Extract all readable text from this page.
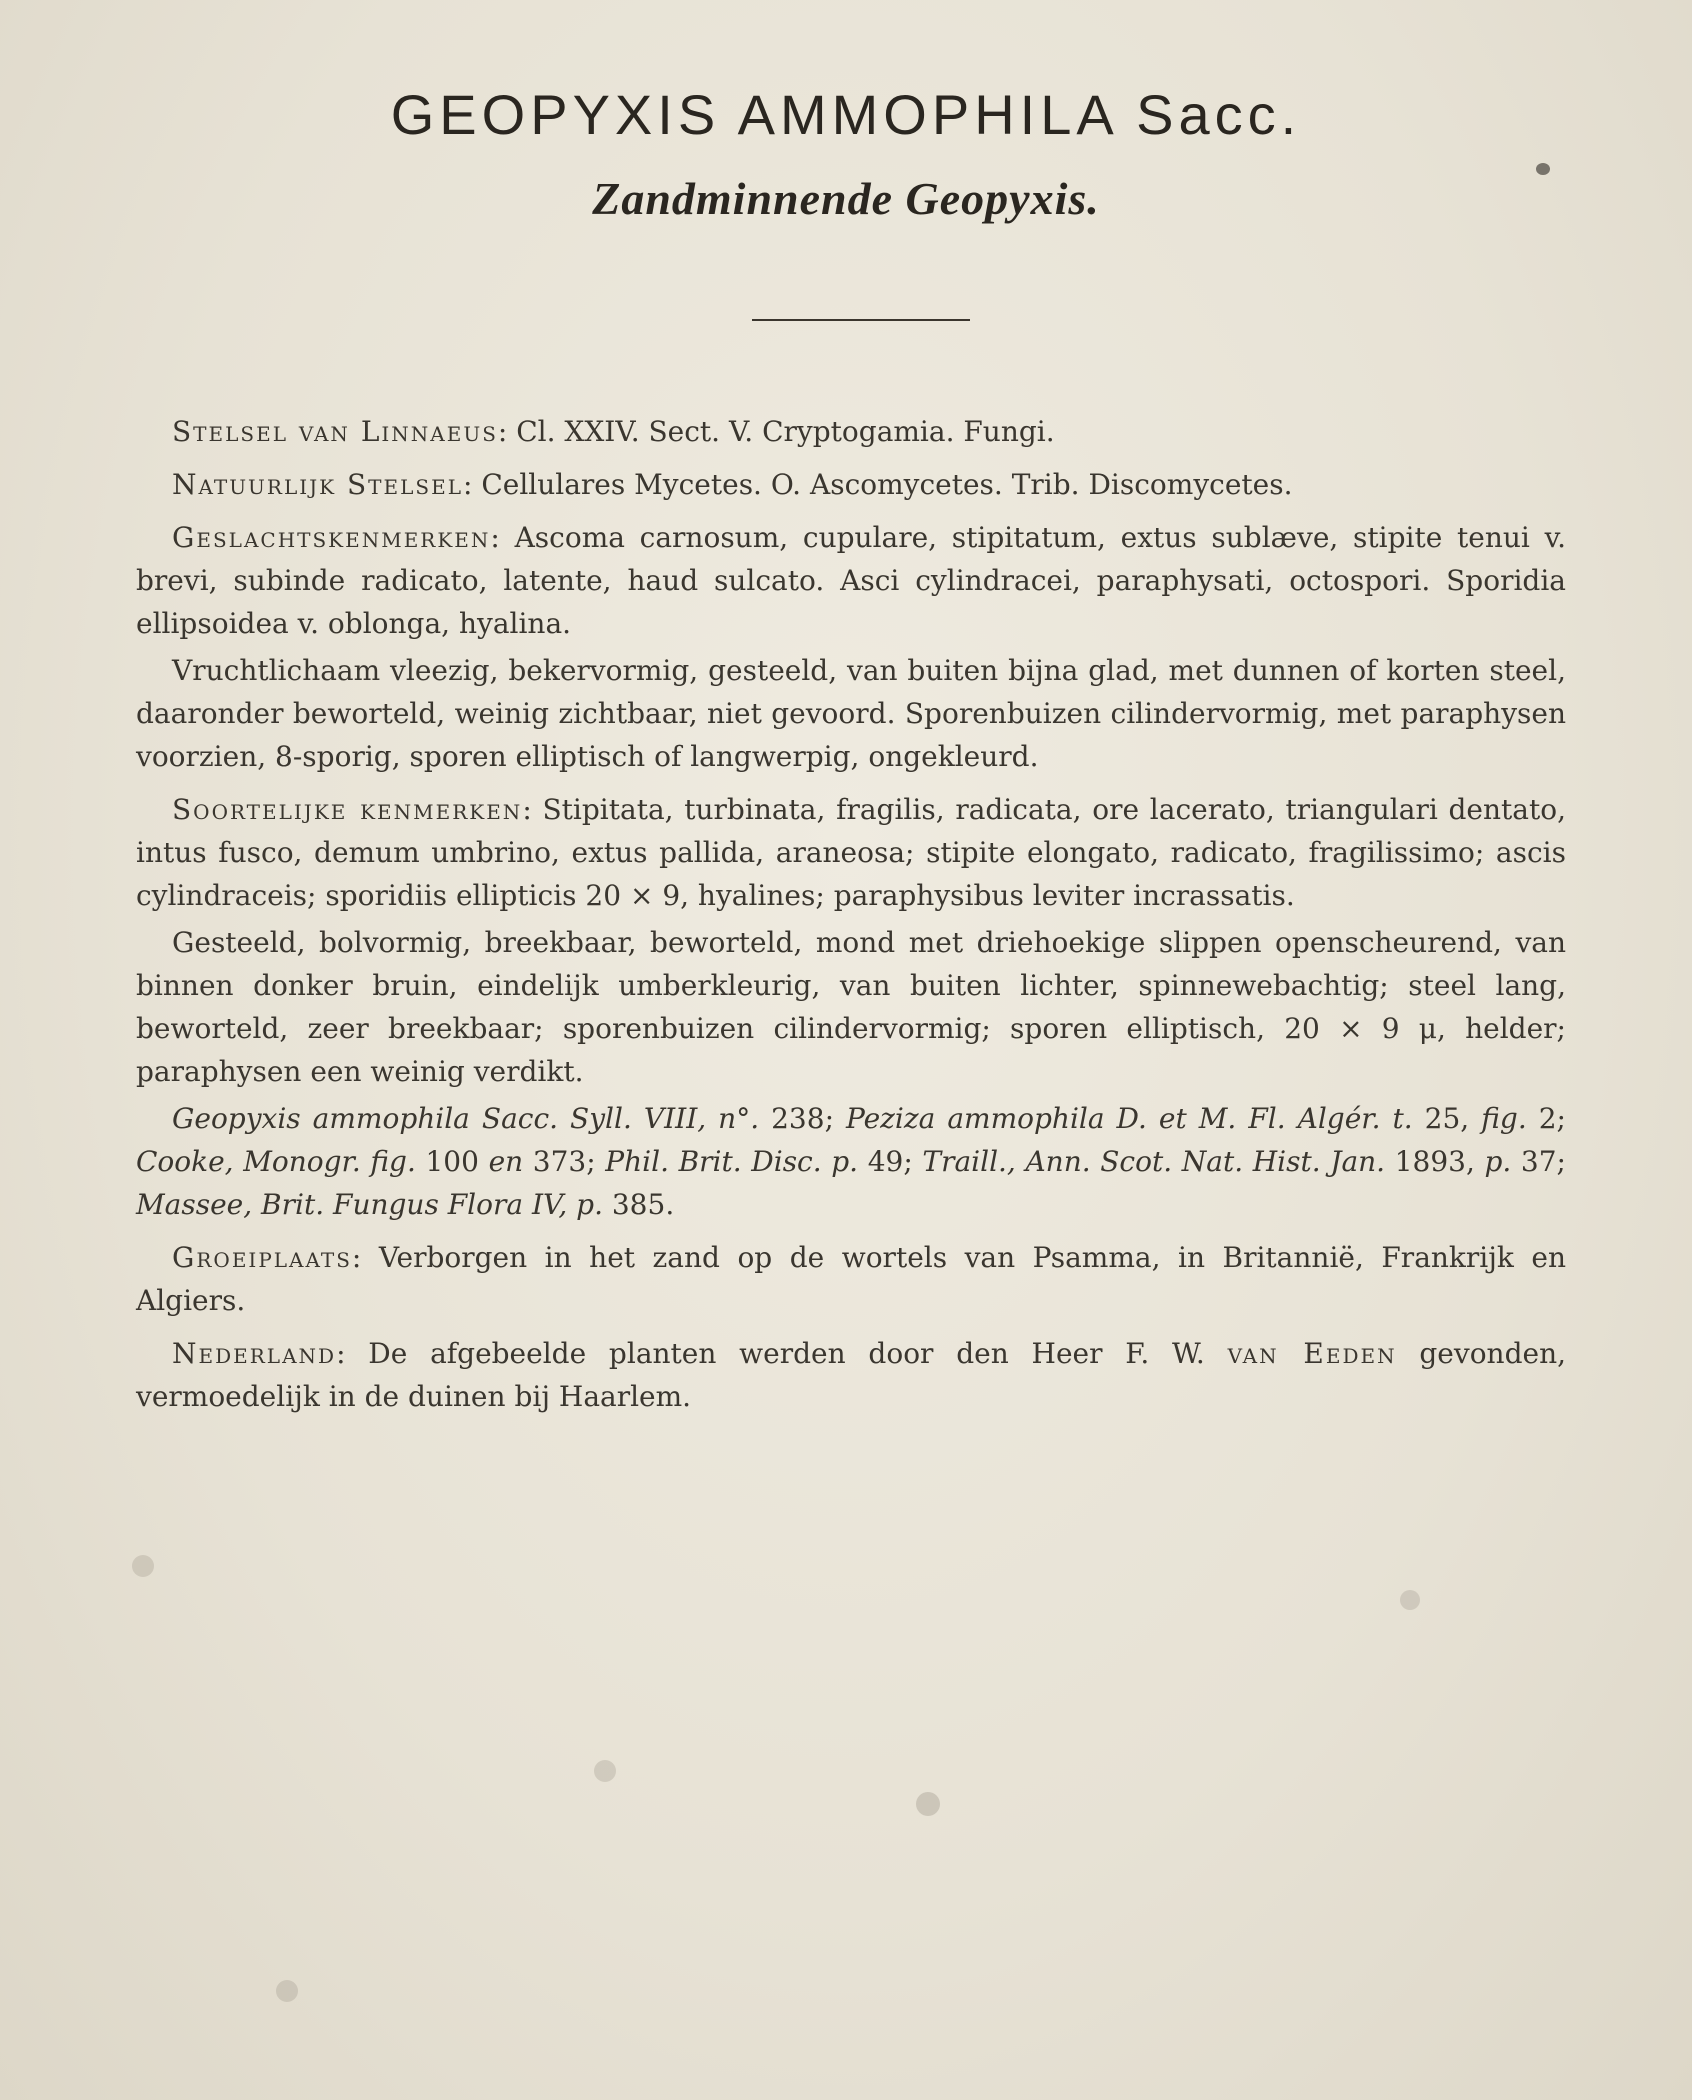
GEOPYXIS AMMOPHILA Sacc.
Zandminnende Geopyxis.

Stelsel van Linnaeus: Cl. XXIV. Sect. V. Cryptogamia. Fungi.

Natuurlijk Stelsel: Cellulares Mycetes. O. Ascomycetes. Trib. Discomycetes.

Geslachtskenmerken: Ascoma carnosum, cupulare, stipitatum, extus sublæve, stipite tenui v. brevi, subinde radicato, latente, haud sulcato. Asci cylindracei, paraphysati, octospori. Sporidia ellipsoidea v. oblonga, hyalina.

Vruchtlichaam vleezig, bekervormig, gesteeld, van buiten bijna glad, met dunnen of korten steel, daaronder beworteld, weinig zichtbaar, niet gevoord. Sporenbuizen cilindervormig, met paraphysen voorzien, 8-sporig, sporen elliptisch of langwerpig, ongekleurd.

Soortelijke kenmerken: Stipitata, turbinata, fragilis, radicata, ore lacerato, triangulari dentato, intus fusco, demum umbrino, extus pallida, araneosa; stipite elongato, radicato, fragilissimo; ascis cylindraceis; sporidiis ellipticis 20 × 9, hyalines; paraphysibus leviter incrassatis.

Gesteeld, bolvormig, breekbaar, beworteld, mond met driehoekige slippen openscheurend, van binnen donker bruin, eindelijk umberkleurig, van buiten lichter, spinnewebachtig; steel lang, beworteld, zeer breekbaar; sporenbuizen cilindervormig; sporen elliptisch, 20 × 9 μ, helder; paraphysen een weinig verdikt.

Geopyxis ammophila Sacc. Syll. VIII, n°. 238; Peziza ammophila D. et M. Fl. Algér. t. 25, fig. 2; Cooke, Monogr. fig. 100 en 373; Phil. Brit. Disc. p. 49; Traill., Ann. Scot. Nat. Hist. Jan. 1893, p. 37; Massee, Brit. Fungus Flora IV, p. 385.

Groeiplaats: Verborgen in het zand op de wortels van Psamma, in Britannië, Frankrijk en Algiers.

Nederland: De afgebeelde planten werden door den Heer F. W. van Eeden gevonden, vermoedelijk in de duinen bij Haarlem.
